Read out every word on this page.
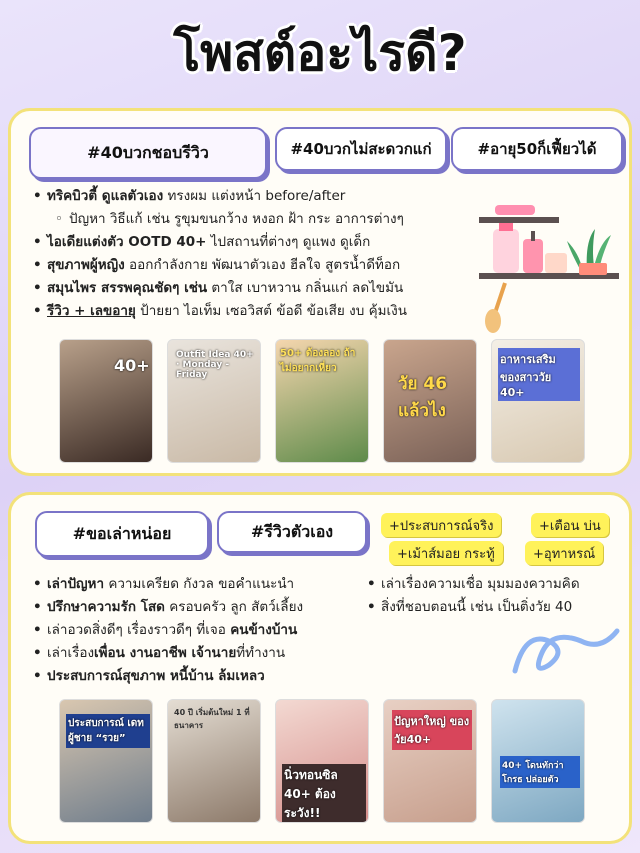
โพสต์อะไรดี?
#40บวกชอบรีวิว	#40บวกไม่สะดวกแก่	#อายุ50ก็เฟี้ยวได้
• ทริคบิวตี้ ดูแลตัวเอง ทรงผม แต่งหน้า before/after
◦ ปัญหา วิธีแก้ เช่น รูขุมขนกว้าง หงอก ฝ้า กระ อาการต่างๆ
• ไอเดียแต่งตัว OOTD 40+ ไปสถานที่ต่างๆ ดูแพง ดูเด็ก
• สุขภาพผู้หญิง ออกกำลังกาย พัฒนาตัวเอง ฮีลใจ สูตรน้ำดีท็อก
• สมุนไพร สรรพคุณชัดๆ เช่น ตาใส เบาหวาน กลิ่นแก่ ลดไขมัน
• รีวิว + เลขอายุ ป้ายยา ไอเท็ม เซอวิสต์ ข้อดี ข้อเสีย งบ คุ้มเงิน
40+
Outfit Idea 40+ · Monday - Friday
50+ ต้องลอง ถ้าไม่อยากเหี่ยว
วัย 46 แล้วไง
อาหารเสริม ของสาววัย 40+
#ขอเล่าหน่อย	#รีวิวตัวเอง	+ประสบการณ์จริง	+เตือน บ่น
+เม้าส์มอย กระทู้	+อุทาหรณ์
• เล่าปัญหา ความเครียด กังวล ขอคำแนะนำ
• ปรึกษาความรัก โสด ครอบครัว ลูก สัตว์เลี้ยง
• เล่าอวดสิ่งดีๆ เรื่องราวดีๆ ที่เจอ คนข้างบ้าน
• เล่าเรื่องเพื่อน งานอาชีพ เจ้านายที่ทำงาน
• ประสบการณ์สุขภาพ หนี้บ้าน ล้มเหลว
• เล่าเรื่องความเชื่อ มุมมองความคิด
• สิ่งที่ชอบตอนนี้ เช่น เป็นติ่งวัย 40
ประสบการณ์ เดทผู้ชาย “รวย”
40 ปี เริ่มต้นใหม่ 1 ที่ธนาคาร
นิ่วทอนซิล 40+ ต้องระวัง!!
ปัญหาใหญ่ ของวัย40+
40+ โดนทักว่าโกรธ ปล่อยตัว
